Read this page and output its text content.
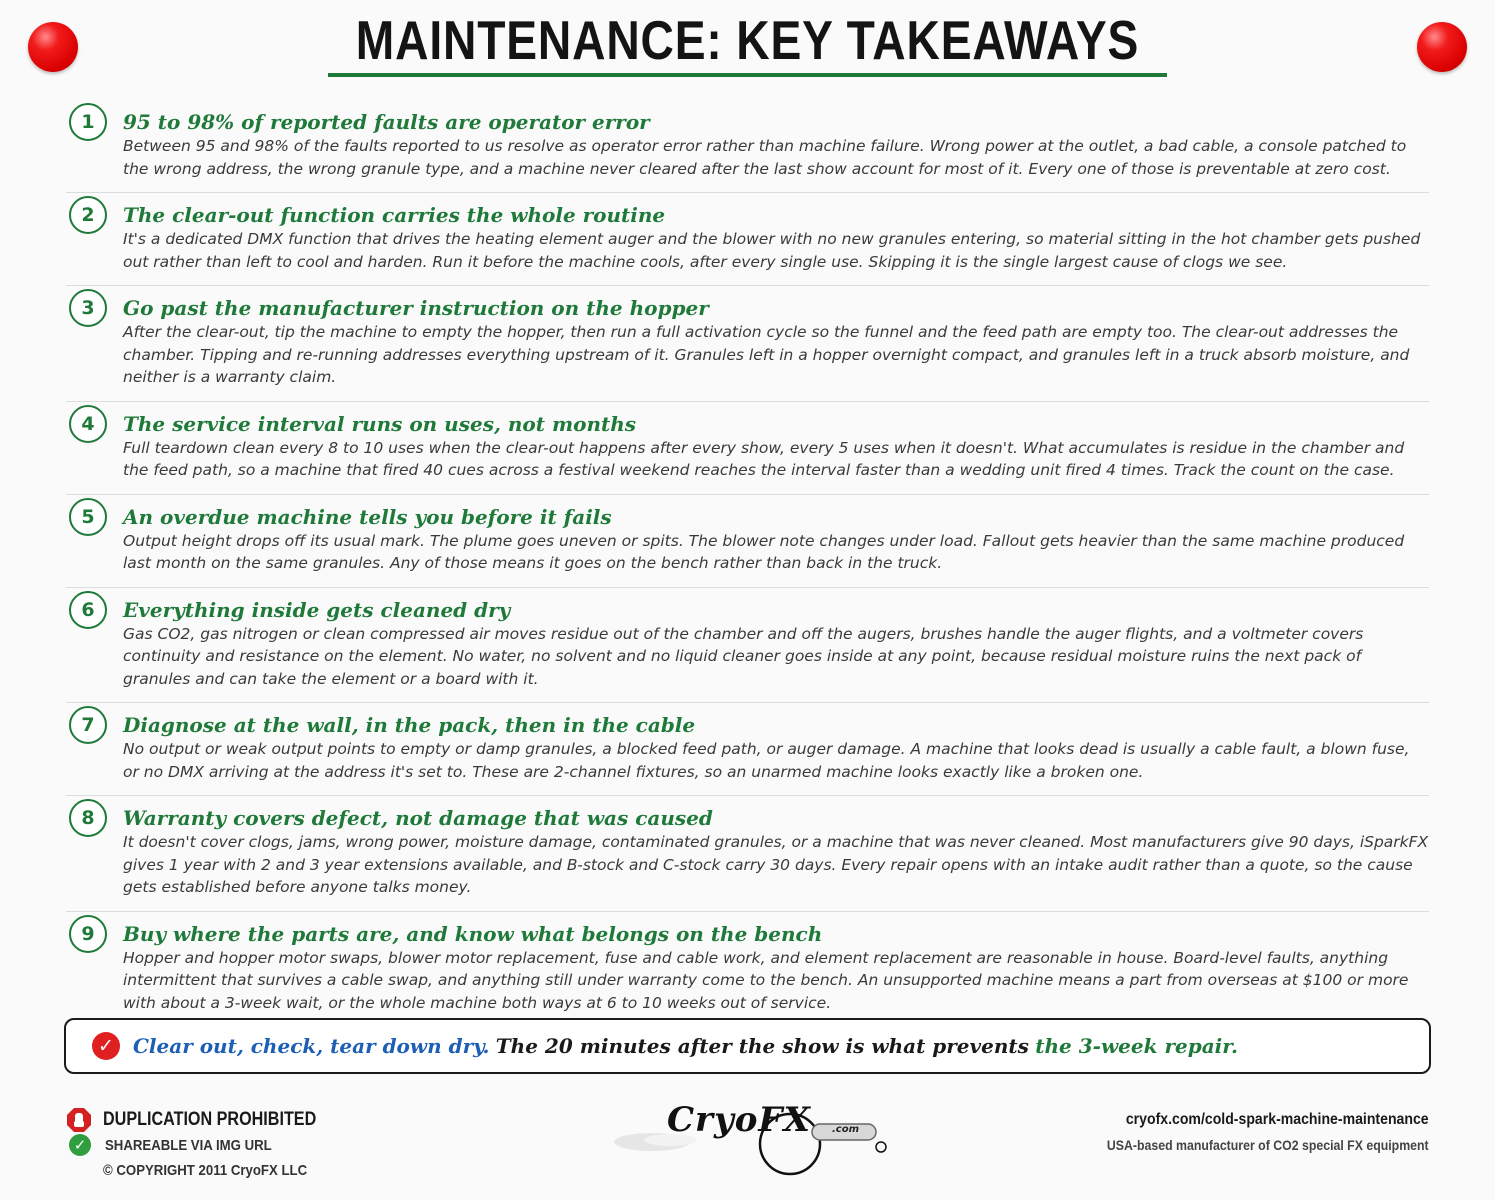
MAINTENANCE: KEY TAKEAWAYS
1	95 to 98% of reported faults are operator error
Between 95 and 98% of the faults reported to us resolve as operator error rather than machine failure. Wrong power at the outlet, a bad cable, a console patched to the wrong address, the wrong granule type, and a machine never cleared after the last show account for most of it. Every one of those is preventable at zero cost.
2	The clear-out function carries the whole routine
It's a dedicated DMX function that drives the heating element auger and the blower with no new granules entering, so material sitting in the hot chamber gets pushed out rather than left to cool and harden. Run it before the machine cools, after every single use. Skipping it is the single largest cause of clogs we see.
3	Go past the manufacturer instruction on the hopper
After the clear-out, tip the machine to empty the hopper, then run a full activation cycle so the funnel and the feed path are empty too. The clear-out addresses the chamber. Tipping and re-running addresses everything upstream of it. Granules left in a hopper overnight compact, and granules left in a truck absorb moisture, and neither is a warranty claim.
4	The service interval runs on uses, not months
Full teardown clean every 8 to 10 uses when the clear-out happens after every show, every 5 uses when it doesn't. What accumulates is residue in the chamber and the feed path, so a machine that fired 40 cues across a festival weekend reaches the interval faster than a wedding unit fired 4 times. Track the count on the case.
5	An overdue machine tells you before it fails
Output height drops off its usual mark. The plume goes uneven or spits. The blower note changes under load. Fallout gets heavier than the same machine produced last month on the same granules. Any of those means it goes on the bench rather than back in the truck.
6	Everything inside gets cleaned dry
Gas CO2, gas nitrogen or clean compressed air moves residue out of the chamber and off the augers, brushes handle the auger flights, and a voltmeter covers continuity and resistance on the element. No water, no solvent and no liquid cleaner goes inside at any point, because residual moisture ruins the next pack of granules and can take the element or a board with it.
7	Diagnose at the wall, in the pack, then in the cable
No output or weak output points to empty or damp granules, a blocked feed path, or auger damage. A machine that looks dead is usually a cable fault, a blown fuse, or no DMX arriving at the address it's set to. These are 2-channel fixtures, so an unarmed machine looks exactly like a broken one.
8	Warranty covers defect, not damage that was caused
It doesn't cover clogs, jams, wrong power, moisture damage, contaminated granules, or a machine that was never cleaned. Most manufacturers give 90 days, iSparkFX gives 1 year with 2 and 3 year extensions available, and B-stock and C-stock carry 30 days. Every repair opens with an intake audit rather than a quote, so the cause gets established before anyone talks money.
9	Buy where the parts are, and know what belongs on the bench
Hopper and hopper motor swaps, blower motor replacement, fuse and cable work, and element replacement are reasonable in house. Board-level faults, anything intermittent that survives a cable swap, and anything still under warranty come to the bench. An unsupported machine means a part from overseas at $100 or more with about a 3-week wait, or the whole machine both ways at 6 to 10 weeks out of service.
✓ Clear out, check, tear down dry. The 20 minutes after the show is what prevents the 3-week repair.
DUPLICATION PROHIBITED
✓	SHAREABLE VIA IMG URL
© COPYRIGHT 2011 CryoFX LLC
CryoFX .com
cryofx.com/cold-spark-machine-maintenance
USA-based manufacturer of CO2 special FX equipment
